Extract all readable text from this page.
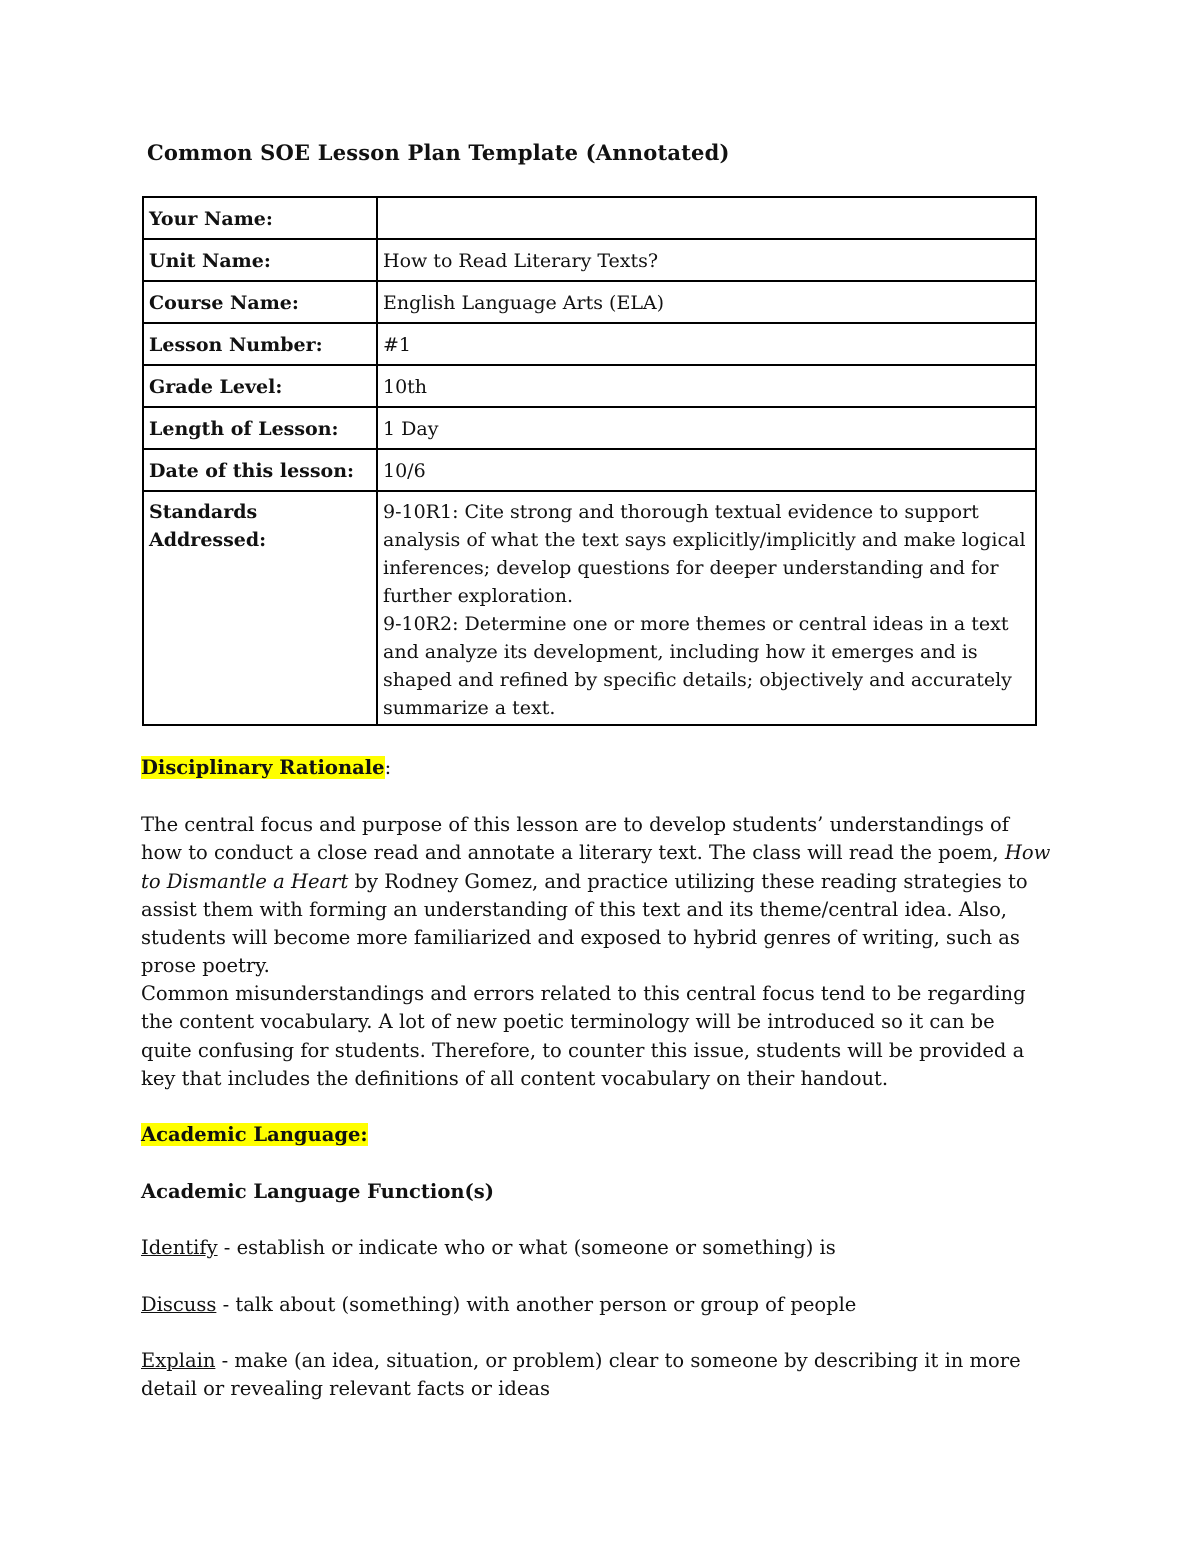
Common SOE Lesson Plan Template (Annotated)
Your Name:	
Unit Name:	How to Read Literary Texts?
Course Name:	English Language Arts (ELA)
Lesson Number:	#1
Grade Level:	10th
Length of Lesson:	1 Day
Date of this lesson:	10/6

Standards
Addressed:	9-10R1: Cite strong and thorough textual evidence to support analysis of what the text says explicitly/implicitly and make logical inferences; develop questions for deeper understanding and for further exploration.
9-10R2: Determine one or more themes or central ideas in a text and analyze its development, including how it emerges and is shaped and refined by specific details; objectively and accurately summarize a text.
Disciplinary Rationale:

The central focus and purpose of this lesson are to develop students’ understandings of how to conduct a close read and annotate a literary text. The class will read the poem, How to Dismantle a Heart by Rodney Gomez, and practice utilizing these reading strategies to assist them with forming an understanding of this text and its theme/central idea. Also, students will become more familiarized and exposed to hybrid genres of writing, such as prose poetry.

Common misunderstandings and errors related to this central focus tend to be regarding the content vocabulary. A lot of new poetic terminology will be introduced so it can be quite confusing for students. Therefore, to counter this issue, students will be provided a key that includes the definitions of all content vocabulary on their handout.

Academic Language:
Academic Language Function(s)
Identify - establish or indicate who or what (someone or something) is
Discuss - talk about (something) with another person or group of people
Explain - make (an idea, situation, or problem) clear to someone by describing it in more detail or revealing relevant facts or ideas
